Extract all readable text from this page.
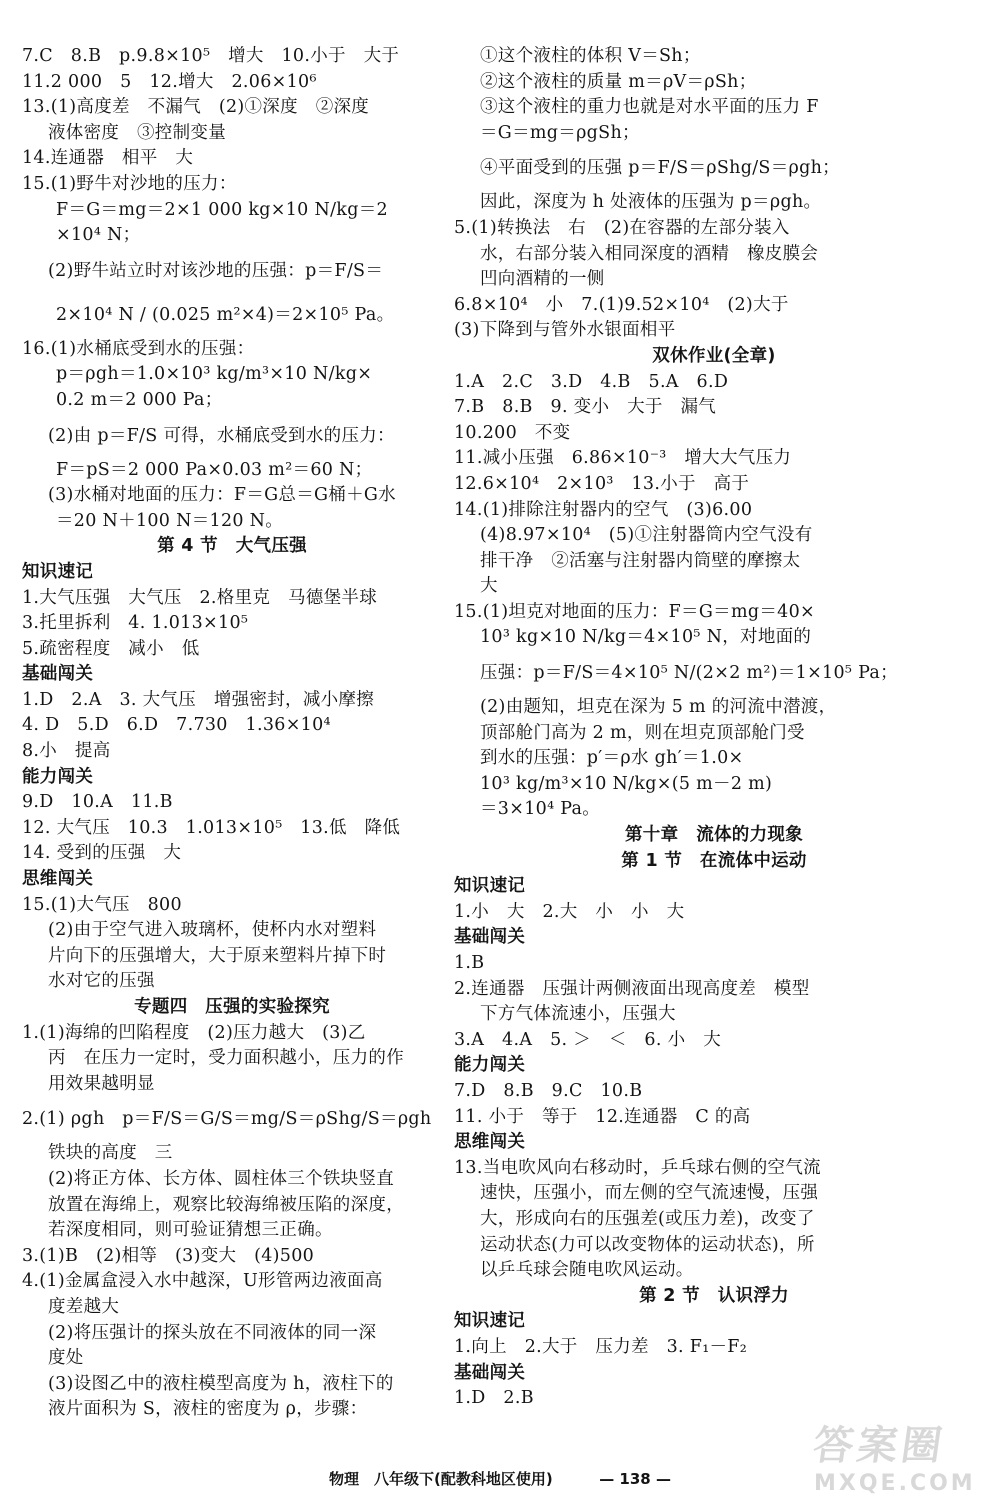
7.C　8.B　p.9.8×10⁵　增大　10.小于　大于
11.2 000　5　12.增大　2.06×10⁶
13.(1)高度差　不漏气　(2)①深度　②深度
液体密度　③控制变量
14.连通器　相平　大
15.(1)野牛对沙地的压力：
F＝G＝mg＝2×1 000 kg×10 N/kg＝2
×10⁴ N；
(2)野牛站立时对该沙地的压强：p＝F/S＝
2×10⁴ N / (0.025 m²×4)＝2×10⁵ Pa。
16.(1)水桶底受到水的压强：
p＝ρgh＝1.0×10³ kg/m³×10 N/kg×
0.2 m＝2 000 Pa；
(2)由 p＝F/S 可得，水桶底受到水的压力：
F＝pS＝2 000 Pa×0.03 m²＝60 N；
(3)水桶对地面的压力：F＝G总＝G桶＋G水
＝20 N＋100 N＝120 N。
第 4 节　大气压强
知识速记
1.大气压强　大气压　2.格里克　马德堡半球
3.托里拆利　4. 1.013×10⁵
5.疏密程度　减小　低
基础闯关
1.D　2.A　3. 大气压　增强密封，减小摩擦
4. D　5.D　6.D　7.730　1.36×10⁴
8.小　提高
能力闯关
9.D　10.A　11.B
12. 大气压　10.3　1.013×10⁵　13.低　降低
14. 受到的压强　大
思维闯关
15.(1)大气压　800
(2)由于空气进入玻璃杯，使杯内水对塑料
片向下的压强增大，大于原来塑料片掉下时
水对它的压强
专题四　压强的实验探究
1.(1)海绵的凹陷程度　(2)压力越大　(3)乙
丙　在压力一定时，受力面积越小，压力的作
用效果越明显
2.(1) ρgh　p＝F/S＝G/S＝mg/S＝ρShg/S＝ρgh
铁块的高度　三
(2)将正方体、长方体、圆柱体三个铁块竖直
放置在海绵上，观察比较海绵被压陷的深度，
若深度相同，则可验证猜想三正确。
3.(1)B　(2)相等　(3)变大　(4)500
4.(1)金属盒浸入水中越深，U形管两边液面高
度差越大
(2)将压强计的探头放在不同液体的同一深
度处
(3)设图乙中的液柱模型高度为 h，液柱下的
液片面积为 S，液柱的密度为 ρ，步骤：
①这个液柱的体积 V＝Sh；
②这个液柱的质量 m＝ρV＝ρSh；
③这个液柱的重力也就是对水平面的压力 F
＝G＝mg＝ρgSh；
④平面受到的压强 p＝F/S＝ρShg/S＝ρgh；
因此，深度为 h 处液体的压强为 p＝ρgh。
5.(1)转换法　右　(2)在容器的左部分装入
水，右部分装入相同深度的酒精　橡皮膜会
凹向酒精的一侧
6.8×10⁴　小　7.(1)9.52×10⁴　(2)大于
(3)下降到与管外水银面相平
双休作业(全章)
1.A　2.C　3.D　4.B　5.A　6.D
7.B　8.B　9. 变小　大于　漏气
10.200　不变
11.减小压强　6.86×10⁻³　增大大气压力
12.6×10⁴　2×10³　13.小于　高于
14.(1)排除注射器内的空气　(3)6.00
(4)8.97×10⁴　(5)①注射器筒内空气没有
排干净　②活塞与注射器内筒壁的摩擦太
大
15.(1)坦克对地面的压力：F＝G＝mg＝40×
10³ kg×10 N/kg＝4×10⁵ N，对地面的
压强：p＝F/S＝4×10⁵ N/(2×2 m²)＝1×10⁵ Pa；
(2)由题知，坦克在深为 5 m 的河流中潜渡，
顶部舱门高为 2 m，则在坦克顶部舱门受
到水的压强：p′＝ρ水 gh′＝1.0×
10³ kg/m³×10 N/kg×(5 m－2 m)
＝3×10⁴ Pa。
第十章　流体的力现象
第 1 节　在流体中运动
知识速记
1.小　大　2.大　小　小　大
基础闯关
1.B
2.连通器　压强计两侧液面出现高度差　模型
下方气体流速小，压强大
3.A　4.A　5. ＞　＜　6. 小　大
能力闯关
7.D　8.B　9.C　10.B
11. 小于　等于　12.连通器　C 的高
思维闯关
13.当电吹风向右移动时，乒乓球右侧的空气流
速快，压强小，而左侧的空气流速慢，压强
大，形成向右的压强差(或压力差)，改变了
运动状态(力可以改变物体的运动状态)，所
以乒乓球会随电吹风运动。
第 2 节　认识浮力
知识速记
1.向上　2.大于　压力差　3. F₁－F₂
基础闯关
1.D　2.B
物理　八年级下(配教科地区使用)	— 138 —
答案圈
MXQE.COM
